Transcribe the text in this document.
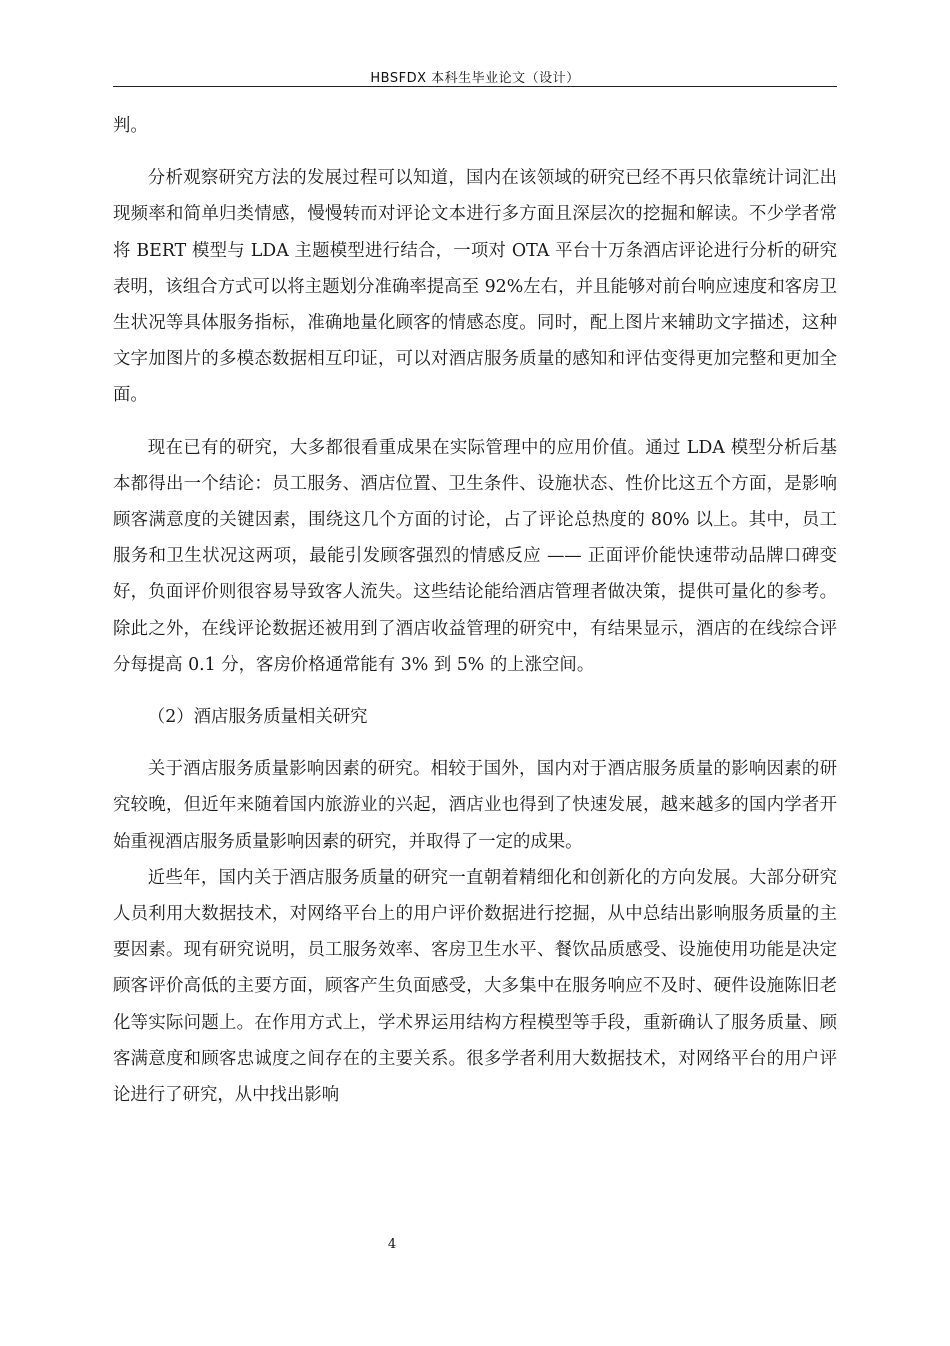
HBSFDX 本科生毕业论文（设计）

判。

分析观察研究方法的发展过程可以知道，国内在该领域的研究已经不再只依靠统计词汇出现频率和简单归类情感，慢慢转而对评论文本进行多方面且深层次的挖掘和解读。不少学者常将 BERT 模型与 LDA 主题模型进行结合，一项对 OTA 平台十万条酒店评论进行分析的研究表明，该组合方式可以将主题划分准确率提高至 92%左右，并且能够对前台响应速度和客房卫生状况等具体服务指标，准确地量化顾客的情感态度。同时，配上图片来辅助文字描述，这种文字加图片的多模态数据相互印证，可以对酒店服务质量的感知和评估变得更加完整和更加全面。

现在已有的研究，大多都很看重成果在实际管理中的应用价值。通过 LDA 模型分析后基本都得出一个结论：员工服务、酒店位置、卫生条件、设施状态、性价比这五个方面，是影响顾客满意度的关键因素，围绕这几个方面的讨论，占了评论总热度的 80% 以上。其中，员工服务和卫生状况这两项，最能引发顾客强烈的情感反应 —— 正面评价能快速带动品牌口碑变好，负面评价则很容易导致客人流失。这些结论能给酒店管理者做决策，提供可量化的参考。除此之外，在线评论数据还被用到了酒店收益管理的研究中，有结果显示，酒店的在线综合评分每提高 0.1 分，客房价格通常能有 3% 到 5% 的上涨空间。

（2）酒店服务质量相关研究

关于酒店服务质量影响因素的研究。相较于国外，国内对于酒店服务质量的影响因素的研究较晚，但近年来随着国内旅游业的兴起，酒店业也得到了快速发展，越来越多的国内学者开始重视酒店服务质量影响因素的研究，并取得了一定的成果。

近些年，国内关于酒店服务质量的研究一直朝着精细化和创新化的方向发展。大部分研究人员利用大数据技术，对网络平台上的用户评价数据进行挖掘，从中总结出影响服务质量的主要因素。现有研究说明，员工服务效率、客房卫生水平、餐饮品质感受、设施使用功能是决定顾客评价高低的主要方面，顾客产生负面感受，大多集中在服务响应不及时、硬件设施陈旧老化等实际问题上。在作用方式上，学术界运用结构方程模型等手段，重新确认了服务质量、顾客满意度和顾客忠诚度之间存在的主要关系。很多学者利用大数据技术，对网络平台的用户评论进行了研究，从中找出影响

4
